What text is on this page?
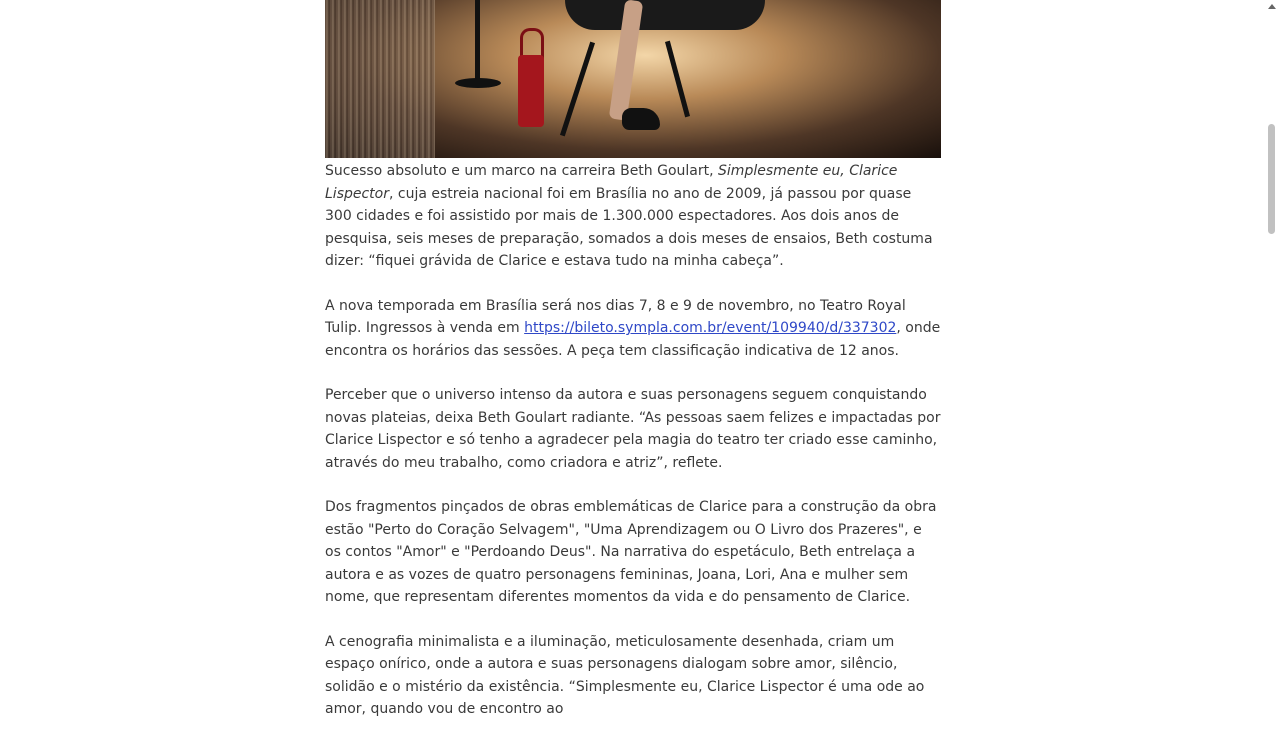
Sucesso absoluto e um marco na carreira Beth Goulart, Simplesmente eu, Clarice Lispector, cuja estreia nacional foi em Brasília no ano de 2009, já passou por quase 300 cidades e foi assistido por mais de 1.300.000 espectadores. Aos dois anos de pesquisa, seis meses de preparação, somados a dois meses de ensaios, Beth costuma dizer: “fiquei grávida de Clarice e estava tudo na minha cabeça”.

A nova temporada em Brasília será nos dias 7, 8 e 9 de novembro, no Teatro Royal Tulip. Ingressos à venda em https://bileto.sympla.com.br/event/109940/d/337302, onde encontra os horários das sessões. A peça tem classificação indicativa de 12 anos.

Perceber que o universo intenso da autora e suas personagens seguem conquistando novas plateias, deixa Beth Goulart radiante. “As pessoas saem felizes e impactadas por Clarice Lispector e só tenho a agradecer pela magia do teatro ter criado esse caminho, através do meu trabalho, como criadora e atriz”, reflete.

Dos fragmentos pinçados de obras emblemáticas de Clarice para a construção da obra estão "Perto do Coração Selvagem", "Uma Aprendizagem ou O Livro dos Prazeres", e os contos "Amor" e "Perdoando Deus". Na narrativa do espetáculo, Beth entrelaça a autora e as vozes de quatro personagens femininas, Joana, Lori, Ana e mulher sem nome, que representam diferentes momentos da vida e do pensamento de Clarice.

A cenografia minimalista e a iluminação, meticulosamente desenhada, criam um espaço onírico, onde a autora e suas personagens dialogam sobre amor, silêncio, solidão e o mistério da existência. “Simplesmente eu, Clarice Lispector é uma ode ao amor, quando vou de encontro ao
